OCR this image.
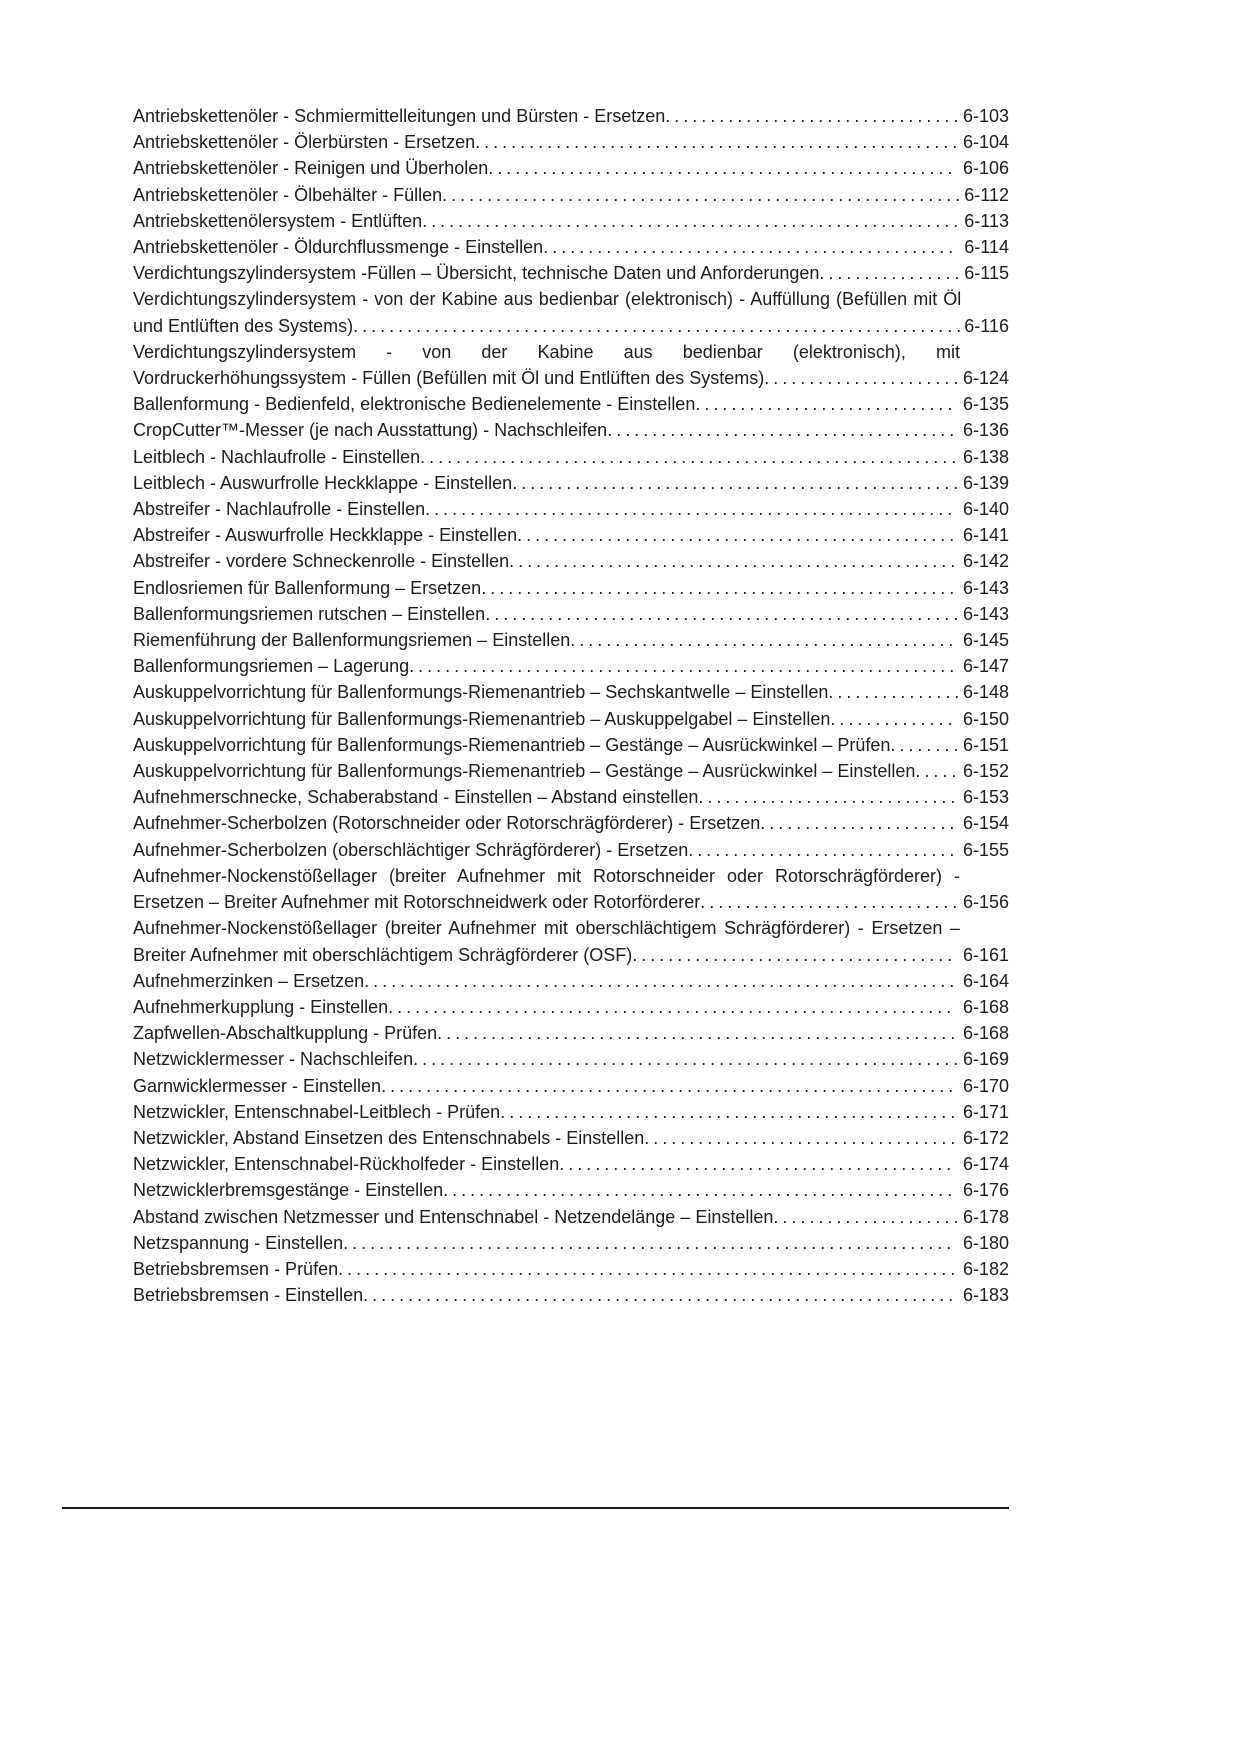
Antriebskettenöler - Schmiermittelleitungen und Bürsten - Ersetzen. . . . . . . . . . . . . . . . . . . . . . . . . . . . . . . . . 6-103
Antriebskettenöler - Ölerbürsten - Ersetzen. . . . . . . . . . . . . . . . . . . . . . . . . . . . . . . . . . . . . . . . . . . . . . . . . . . . . . 6-104
Antriebskettenöler - Reinigen und Überholen. . . . . . . . . . . . . . . . . . . . . . . . . . . . . . . . . . . . . . . . . . . . . . . . . . . . 6-106
Antriebskettenöler - Ölbehälter - Füllen. . . . . . . . . . . . . . . . . . . . . . . . . . . . . . . . . . . . . . . . . . . . . . . . . . . . . . . . . . 6-112
Antriebskettenölersystem - Entlüften. . . . . . . . . . . . . . . . . . . . . . . . . . . . . . . . . . . . . . . . . . . . . . . . . . . . . . . . . . . . 6-113
Antriebskettenöler - Öldurchflussmenge - Einstellen. . . . . . . . . . . . . . . . . . . . . . . . . . . . . . . . . . . . . . . . . . . . . . 6-114
Verdichtungszylindersystem -Füllen – Übersicht, technische Daten und Anforderungen. . . . . . . . . . . . . . . . 6-115
Verdichtungszylindersystem - von der Kabine aus bedienbar (elektronisch) - Auffüllung (Befüllen mit Öl und Entlüften des Systems). . . . . . . . . . . . . . . . . . . . . . . . . . . . . . . . . . . . . . . . . . . . . . . . . . . . . . . . . . . . . . . . . . . . 6-116
Verdichtungszylindersystem - von der Kabine aus bedienbar (elektronisch), mit Vordruckerhöhungssystem - Füllen (Befüllen mit Öl und Entlüften des Systems). . . . . . . . . . . . . . . . . . . . . . 6-124
Ballenformung - Bedienfeld, elektronische Bedienelemente - Einstellen. . . . . . . . . . . . . . . . . . . . . . . . . . . . . 6-135
CropCutter™-Messer (je nach Ausstattung) - Nachschleifen. . . . . . . . . . . . . . . . . . . . . . . . . . . . . . . . . . . . . . . 6-136
Leitblech - Nachlaufrolle - Einstellen. . . . . . . . . . . . . . . . . . . . . . . . . . . . . . . . . . . . . . . . . . . . . . . . . . . . . . . . . . . . 6-138
Leitblech - Auswurfrolle Heckklappe - Einstellen. . . . . . . . . . . . . . . . . . . . . . . . . . . . . . . . . . . . . . . . . . . . . . . . . . 6-139
Abstreifer - Nachlaufrolle - Einstellen. . . . . . . . . . . . . . . . . . . . . . . . . . . . . . . . . . . . . . . . . . . . . . . . . . . . . . . . . . . 6-140
Abstreifer - Auswurfrolle Heckklappe - Einstellen. . . . . . . . . . . . . . . . . . . . . . . . . . . . . . . . . . . . . . . . . . . . . . . . . 6-141
Abstreifer - vordere Schneckenrolle - Einstellen. . . . . . . . . . . . . . . . . . . . . . . . . . . . . . . . . . . . . . . . . . . . . . . . . . 6-142
Endlosriemen für Ballenformung – Ersetzen. . . . . . . . . . . . . . . . . . . . . . . . . . . . . . . . . . . . . . . . . . . . . . . . . . . . . 6-143
Ballenformungsriemen rutschen – Einstellen. . . . . . . . . . . . . . . . . . . . . . . . . . . . . . . . . . . . . . . . . . . . . . . . . . . . . 6-143
Riemenführung der Ballenformungsriemen – Einstellen. . . . . . . . . . . . . . . . . . . . . . . . . . . . . . . . . . . . . . . . . . . 6-145
Ballenformungsriemen – Lagerung. . . . . . . . . . . . . . . . . . . . . . . . . . . . . . . . . . . . . . . . . . . . . . . . . . . . . . . . . . . . . 6-147
Auskuppelvorrichtung für Ballenformungs-Riemenantrieb – Sechskantwelle – Einstellen. . . . . . . . . . . . . . . 6-148
Auskuppelvorrichtung für Ballenformungs-Riemenantrieb – Auskuppelgabel – Einstellen. . . . . . . . . . . . . . 6-150
Auskuppelvorrichtung für Ballenformungs-Riemenantrieb – Gestänge – Ausrückwinkel – Prüfen. . . . . . . . 6-151
Auskuppelvorrichtung für Ballenformungs-Riemenantrieb – Gestänge – Ausrückwinkel – Einstellen. . . . . 6-152
Aufnehmerschnecke, Schaberabstand - Einstellen – Abstand einstellen. . . . . . . . . . . . . . . . . . . . . . . . . . . . . 6-153
Aufnehmer-Scherbolzen (Rotorschneider oder Rotorschrägförderer) - Ersetzen. . . . . . . . . . . . . . . . . . . . . . 6-154
Aufnehmer-Scherbolzen (oberschlächtiger Schrägförderer) - Ersetzen. . . . . . . . . . . . . . . . . . . . . . . . . . . . . . 6-155
Aufnehmer-Nockenstößellager (breiter Aufnehmer mit Rotorschneider oder Rotorschrägförderer) - Ersetzen – Breiter Aufnehmer mit Rotorschneidwerk oder Rotorförderer. . . . . . . . . . . . . . . . . . . . . . . . . . . . . 6-156
Aufnehmer-Nockenstößellager (breiter Aufnehmer mit oberschlächtigem Schrägförderer) - Ersetzen – Breiter Aufnehmer mit oberschlächtigem Schrägförderer (OSF). . . . . . . . . . . . . . . . . . . . . . . . . . . . . . . . . . . . 6-161
Aufnehmerzinken – Ersetzen. . . . . . . . . . . . . . . . . . . . . . . . . . . . . . . . . . . . . . . . . . . . . . . . . . . . . . . . . . . . . . . . . . 6-164
Aufnehmerkupplung - Einstellen. . . . . . . . . . . . . . . . . . . . . . . . . . . . . . . . . . . . . . . . . . . . . . . . . . . . . . . . . . . . . . . 6-168
Zapfwellen-Abschaltkupplung - Prüfen. . . . . . . . . . . . . . . . . . . . . . . . . . . . . . . . . . . . . . . . . . . . . . . . . . . . . . . . . . 6-168
Netzwicklermesser - Nachschleifen. . . . . . . . . . . . . . . . . . . . . . . . . . . . . . . . . . . . . . . . . . . . . . . . . . . . . . . . . . . . . 6-169
Garnwicklermesser - Einstellen. . . . . . . . . . . . . . . . . . . . . . . . . . . . . . . . . . . . . . . . . . . . . . . . . . . . . . . . . . . . . . . . 6-170
Netzwickler, Entenschnabel-Leitblech - Prüfen. . . . . . . . . . . . . . . . . . . . . . . . . . . . . . . . . . . . . . . . . . . . . . . . . . . 6-171
Netzwickler, Abstand Einsetzen des Entenschnabels - Einstellen. . . . . . . . . . . . . . . . . . . . . . . . . . . . . . . . . . . 6-172
Netzwickler, Entenschnabel-Rückholfeder - Einstellen. . . . . . . . . . . . . . . . . . . . . . . . . . . . . . . . . . . . . . . . . . . . 6-174
Netzwicklerbremsgestänge - Einstellen. . . . . . . . . . . . . . . . . . . . . . . . . . . . . . . . . . . . . . . . . . . . . . . . . . . . . . . . . 6-176
Abstand zwischen Netzmesser und Entenschnabel - Netzendelänge – Einstellen. . . . . . . . . . . . . . . . . . . . . 6-178
Netzspannung - Einstellen. . . . . . . . . . . . . . . . . . . . . . . . . . . . . . . . . . . . . . . . . . . . . . . . . . . . . . . . . . . . . . . . . . . . 6-180
Betriebsbremsen - Prüfen. . . . . . . . . . . . . . . . . . . . . . . . . . . . . . . . . . . . . . . . . . . . . . . . . . . . . . . . . . . . . . . . . . . . . 6-182
Betriebsbremsen - Einstellen. . . . . . . . . . . . . . . . . . . . . . . . . . . . . . . . . . . . . . . . . . . . . . . . . . . . . . . . . . . . . . . . . . 6-183
